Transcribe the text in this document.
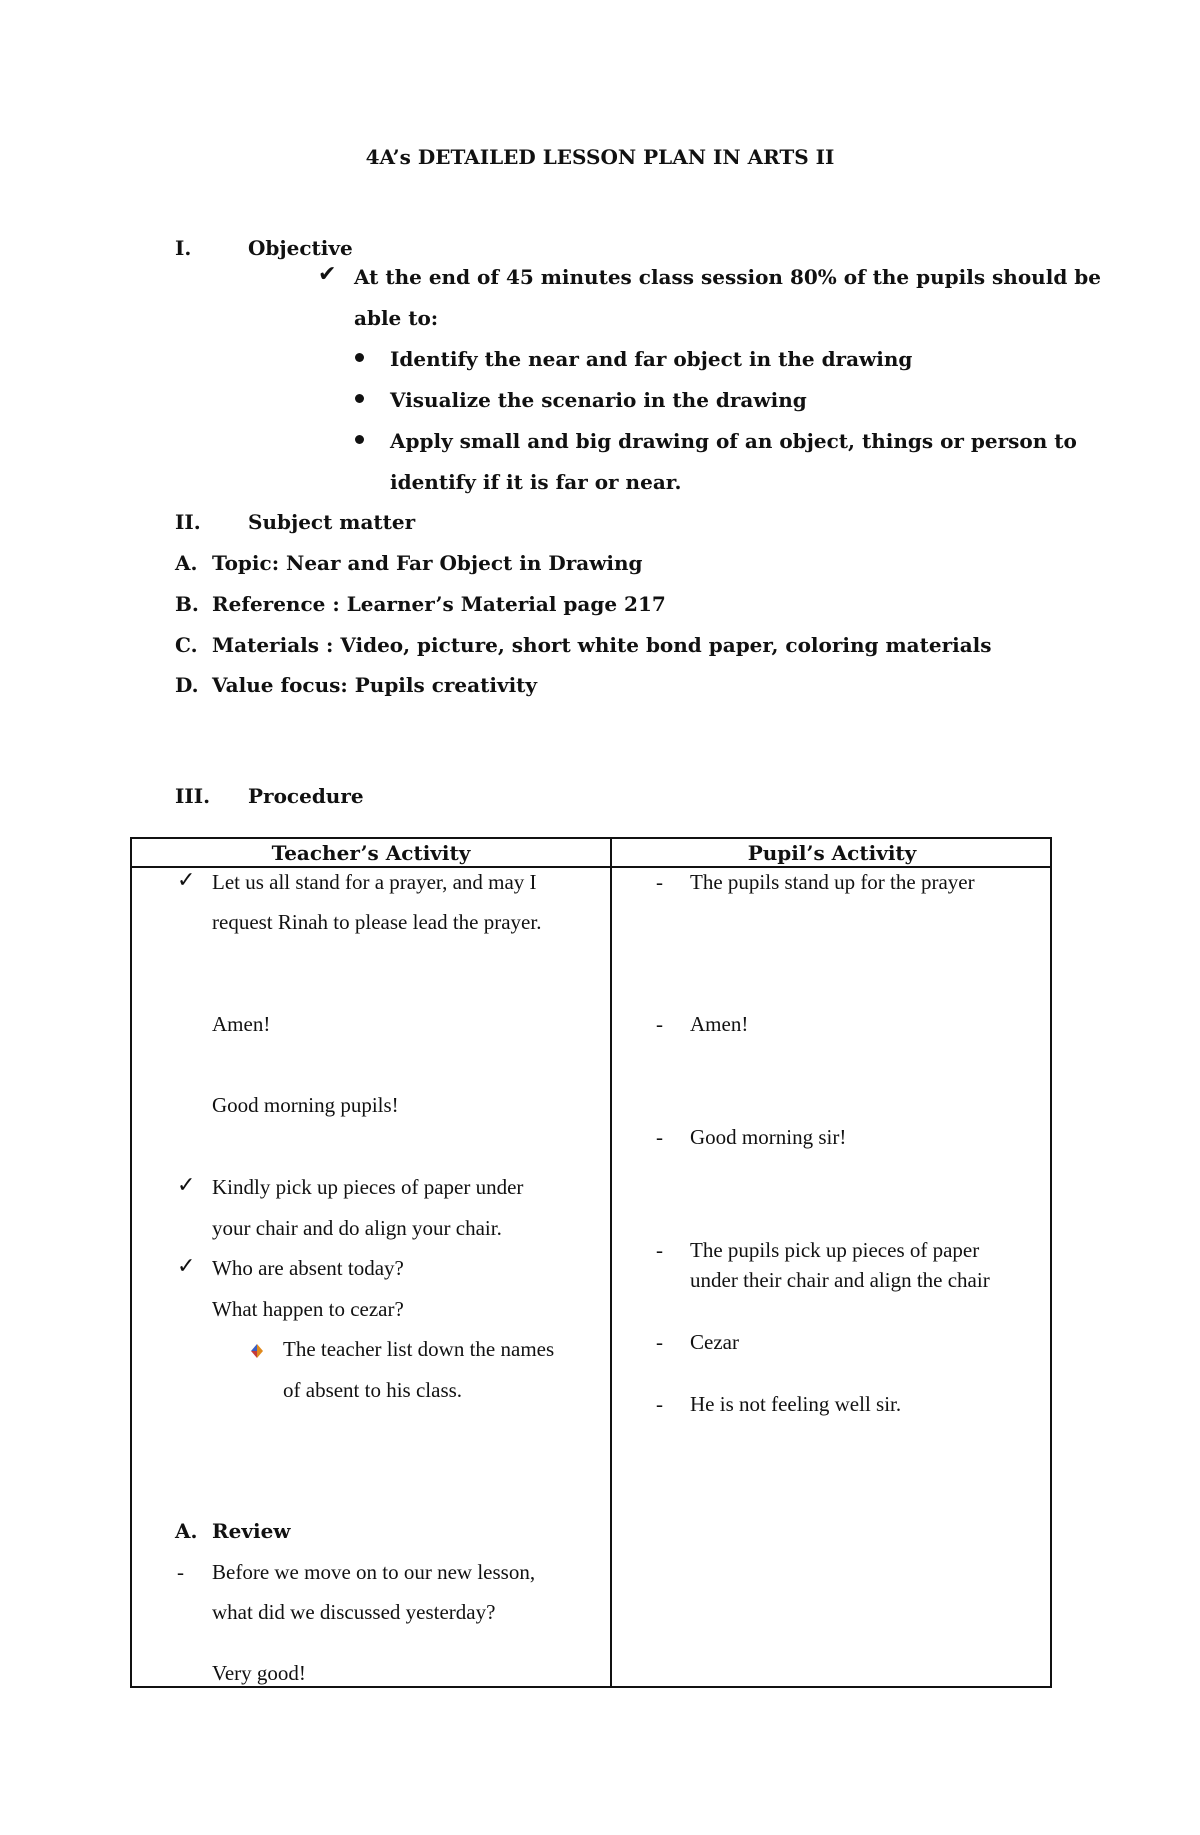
4A’s DETAILED LESSON PLAN IN ARTS II
I.	Objective
✔ At the end of 45 minutes class session 80% of the pupils should be
able to:
Identify the near and far object in the drawing
Visualize the scenario in the drawing
Apply small and big drawing of an object, things or person to
identify if it is far or near.
II. Subject matter
A. Topic: Near and Far Object in Drawing
B. Reference : Learner’s Material page 217
C. Materials : Video, picture, short white bond paper, coloring materials
D. Value focus: Pupils creativity
III. Procedure
Teacher’s Activity	Pupil’s Activity
✓ Let us all stand for a prayer, and may I
request Rinah to please lead the prayer.
Amen!
Good morning pupils!
✓ Kindly pick up pieces of paper under
your chair and do align your chair.
✓ Who are absent today?
What happen to cezar?
The teacher list down the names
of absent to his class.
A. Review
- Before we move on to our new lesson,
what did we discussed yesterday?
Very good!
- The pupils stand up for the prayer
- Amen!
- Good morning sir!
- The pupils pick up pieces of paper
under their chair and align the chair
- Cezar
- He is not feeling well sir.
